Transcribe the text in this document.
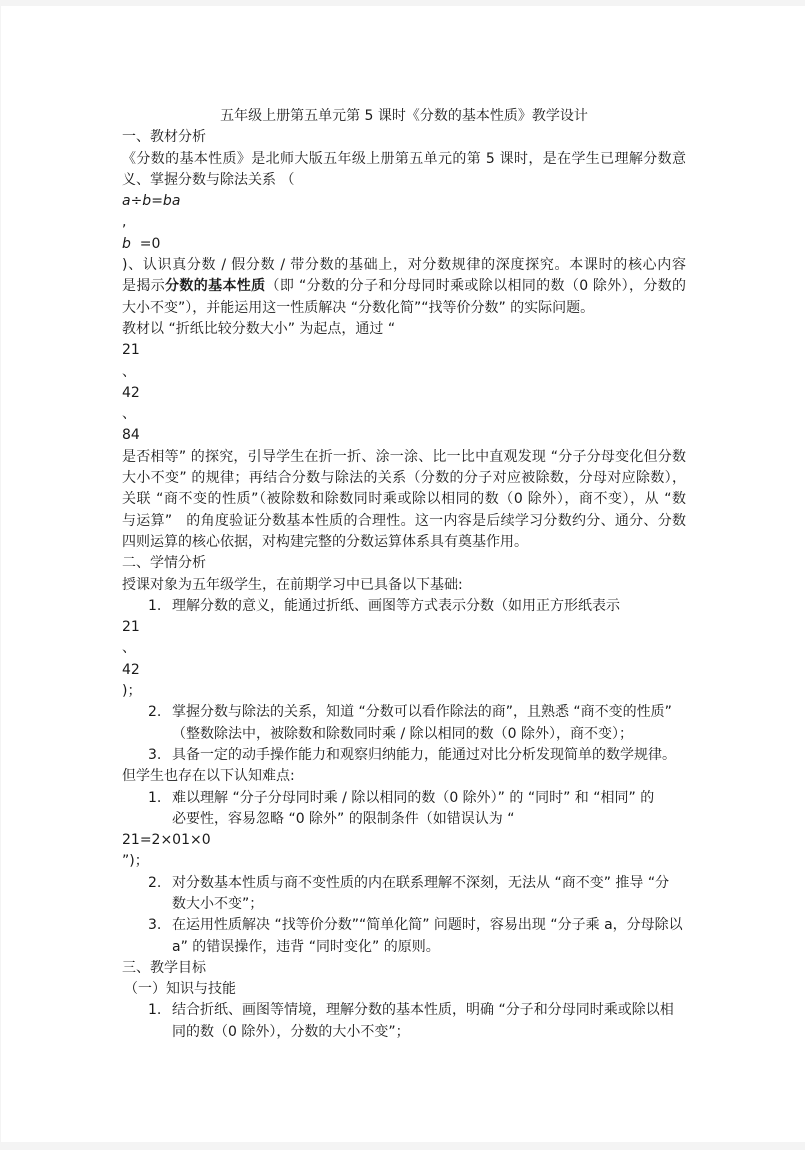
五年级上册第五单元第 5 课时《分数的基本性质》教学设计
一、教材分析
《分数的基本性质》是北师大版五年级上册第五单元的第 5 课时，是在学生已理解分数意
义、掌握分数与除法关系 （
a÷b=ba
,
b  =0
)、认识真分数 / 假分数 / 带分数的基础上，对分数规律的深度探究。本课时的核心内容
是揭示分数的基本性质（即 “分数的分子和分母同时乘或除以相同的数（0 除外），分数的
大小不变”），并能运用这一性质解决 “分数化简”“找等价分数” 的实际问题。
教材以 “折纸比较分数大小” 为起点，通过 “
21
、
42
、
84
是否相等” 的探究，引导学生在折一折、涂一涂、比一比中直观发现 “分子分母变化但分数
大小不变” 的规律；再结合分数与除法的关系（分数的分子对应被除数，分母对应除数），
关联 “商不变的性质”（被除数和除数同时乘或除以相同的数（0 除外），商不变），从 “数
与运算”   的角度验证分数基本性质的合理性。这一内容是后续学习分数约分、通分、分数
四则运算的核心依据，对构建完整的分数运算体系具有奠基作用。
二、学情分析
授课对象为五年级学生，在前期学习中已具备以下基础:
1. 理解分数的意义，能通过折纸、画图等方式表示分数（如用正方形纸表示
21
、
42
)；
2. 掌握分数与除法的关系，知道 “分数可以看作除法的商”，且熟悉 “商不变的性质”
（整数除法中，被除数和除数同时乘 / 除以相同的数（0 除外），商不变）；
3. 具备一定的动手操作能力和观察归纳能力，能通过对比分析发现简单的数学规律。
但学生也存在以下认知难点:
1. 难以理解 “分子分母同时乘 / 除以相同的数（0 除外）” 的 “同时” 和 “相同” 的
必要性，容易忽略 “0 除外” 的限制条件（如错误认为 “
21=2×01×0
”)；
2. 对分数基本性质与商不变性质的内在联系理解不深刻，无法从 “商不变” 推导 “分
数大小不变”；
3. 在运用性质解决 “找等价分数”“简单化简” 问题时，容易出现 “分子乘 a，分母除以
a” 的错误操作，违背 “同时变化” 的原则。
三、教学目标
（一）知识与技能
1. 结合折纸、画图等情境，理解分数的基本性质，明确 “分子和分母同时乘或除以相
同的数（0 除外），分数的大小不变”；
